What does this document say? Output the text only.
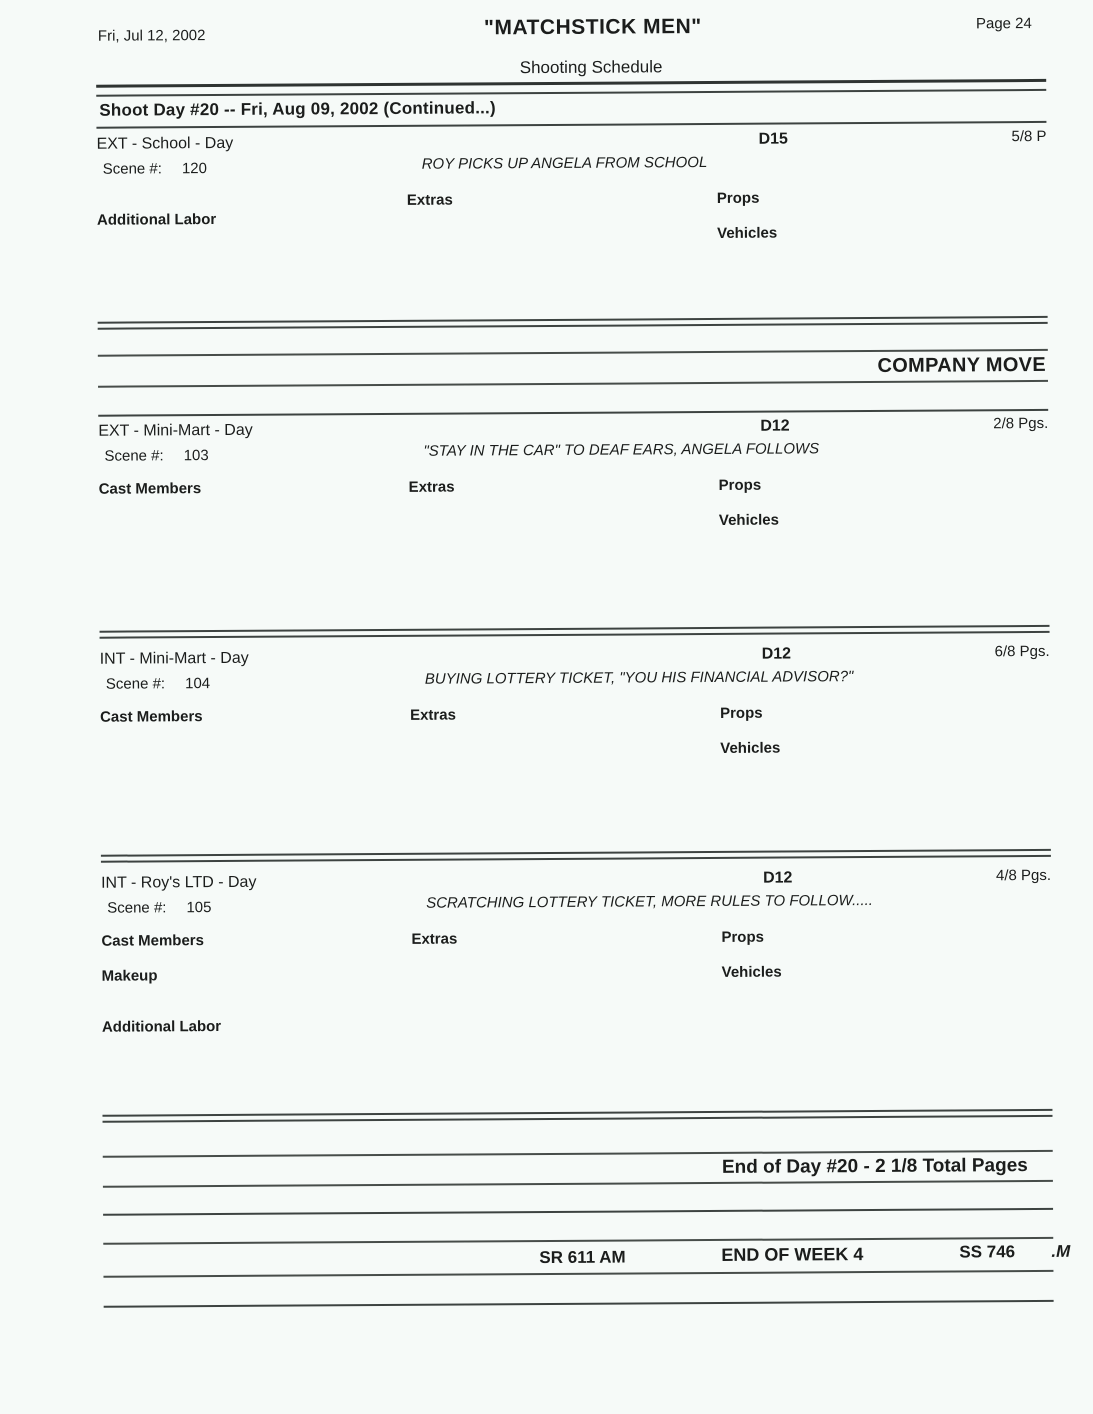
Fri, Jul 12, 2002	"MATCHSTICK MEN"	Page 24
Shooting Schedule
Shoot Day #20 -- Fri, Aug 09, 2002 (Continued...)
EXT - School - Day	D15	5/8 P
Scene #: 120	ROY PICKS UP ANGELA FROM SCHOOL
Additional Labor
Extras	Props
Vehicles
COMPANY MOVE
EXT - Mini-Mart - Day	D12	2/8 Pgs.
Scene #: 103	"STAY IN THE CAR" TO DEAF EARS, ANGELA FOLLOWS
Cast Members	Extras	Props
Vehicles
INT - Mini-Mart - Day	D12	6/8 Pgs.
Scene #: 104	BUYING LOTTERY TICKET, "YOU HIS FINANCIAL ADVISOR?"
Cast Members	Extras	Props
Vehicles
INT - Roy's LTD - Day	D12	4/8 Pgs.
Scene #: 105	SCRATCHING LOTTERY TICKET, MORE RULES TO FOLLOW.....
Cast Members
Makeup
Additional Labor
Extras	Props
Vehicles
End of Day #20 - 2 1/8 Total Pages
SR 611 AM	END OF WEEK 4	SS 746 .M
